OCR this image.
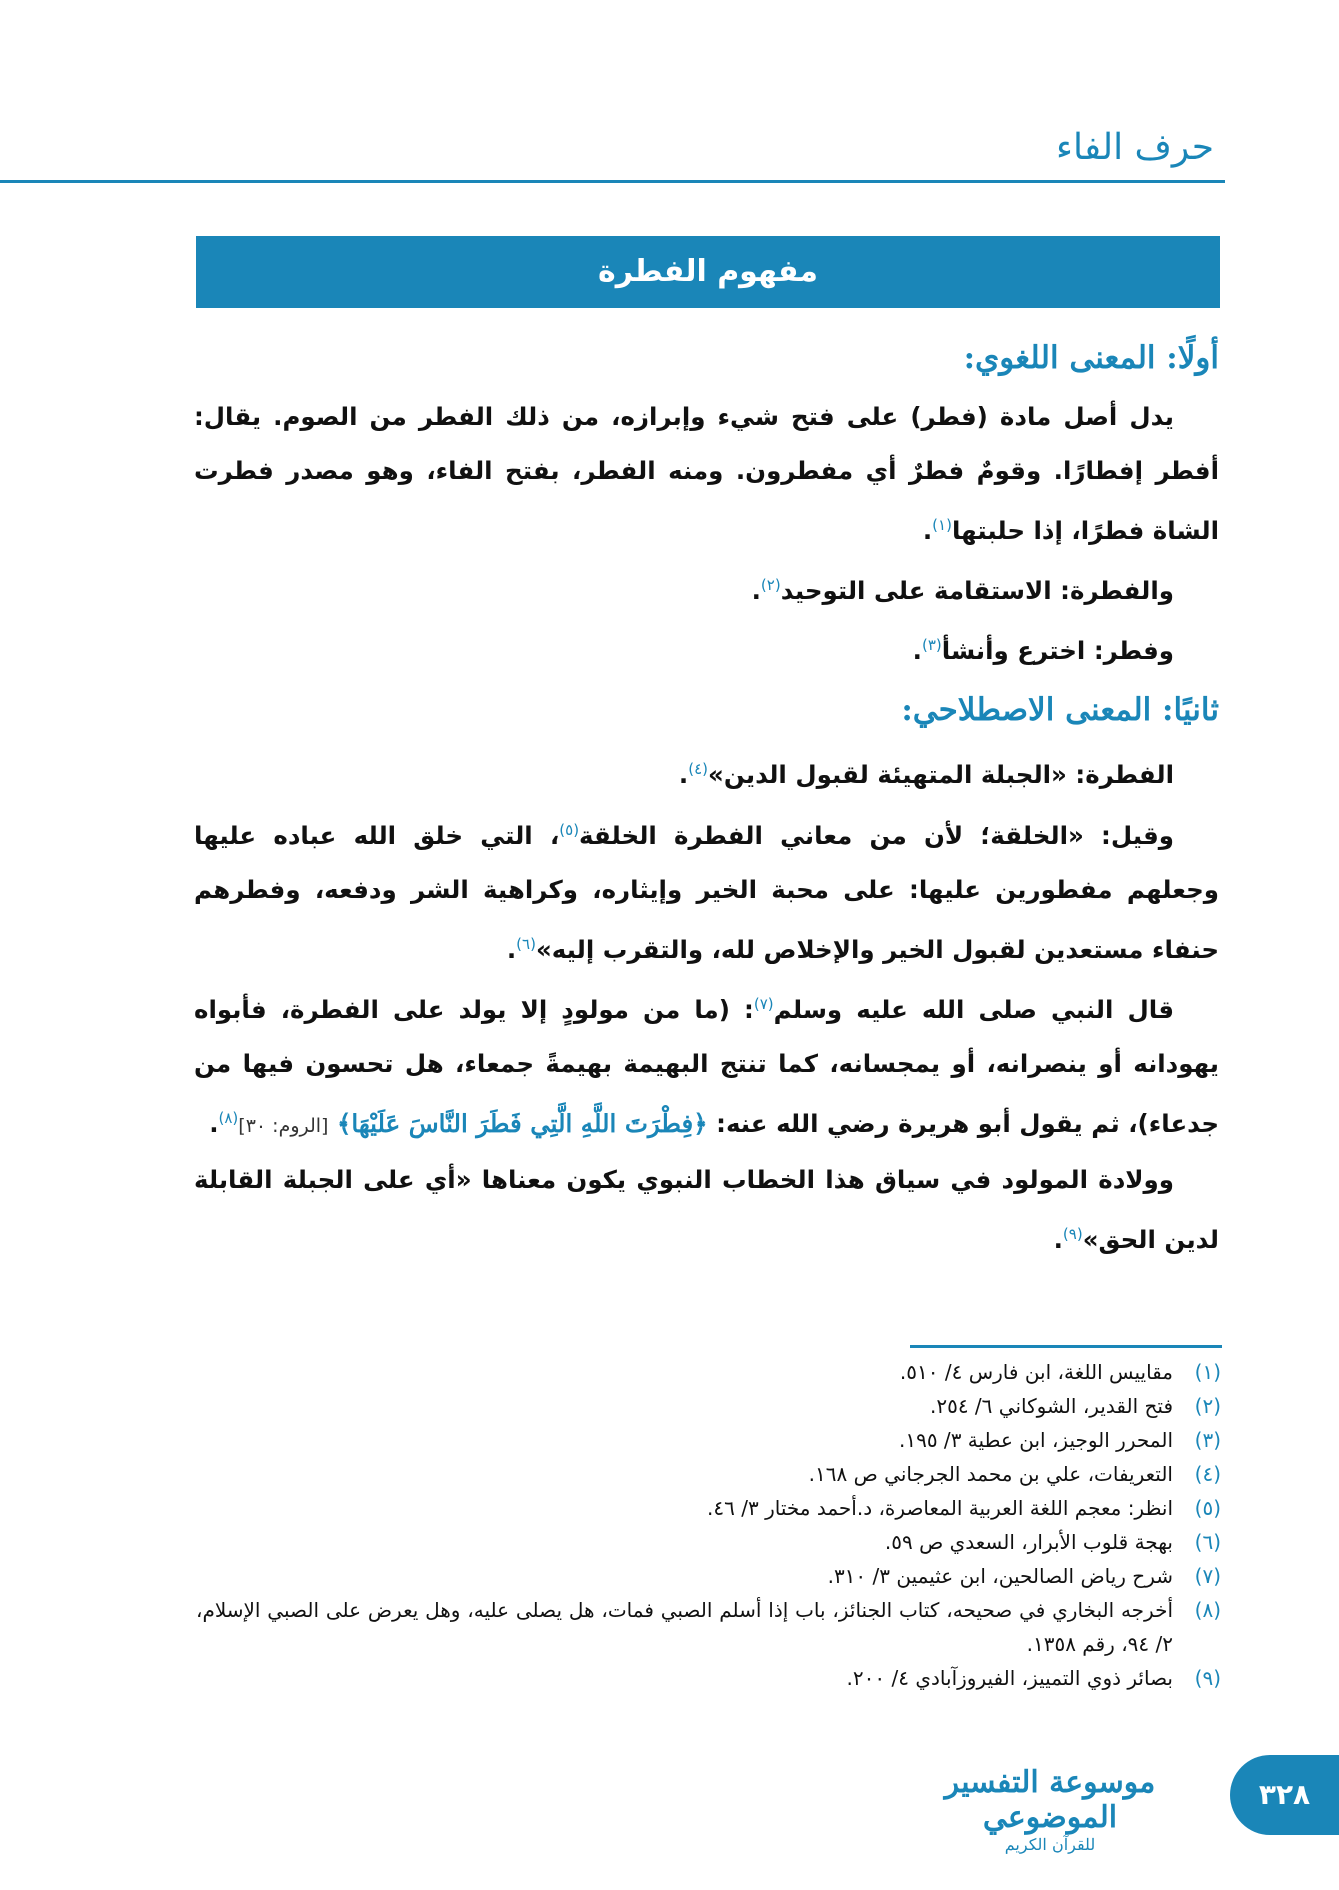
حرف الفاء
مفهوم الفطرة
أولًا: المعنى اللغوي:

يدل أصل مادة (فطر) على فتح شيء وإبرازه، من ذلك الفطر من الصوم. يقال: أفطر إفطارًا. وقومٌ فطرٌ أي مفطرون. ومنه الفطر، بفتح الفاء، وهو مصدر فطرت الشاة فطرًا، إذا حلبتها$^{(١)}$.

والفطرة: الاستقامة على التوحيد$^{(٢)}$.

وفطر: اخترع وأنشأ$^{(٣)}$.

ثانيًا: المعنى الاصطلاحي:

الفطرة: «الجبلة المتهيئة لقبول الدين»$^{(٤)}$.

وقيل: «الخلقة؛ لأن من معاني الفطرة الخلقة$^{(٥)}$، التي خلق الله عباده عليها وجعلهم مفطورين عليها: على محبة الخير وإيثاره، وكراهية الشر ودفعه، وفطرهم حنفاء مستعدين لقبول الخير والإخلاص لله، والتقرب إليه»$^{(٦)}$.

قال النبي صلى الله عليه وسلم$^{(٧)}$: (ما من مولودٍ إلا يولد على الفطرة، فأبواه يهودانه أو ينصرانه، أو يمجسانه، كما تنتج البهيمة بهيمةً جمعاء، هل تحسون فيها من جدعاء)، ثم يقول أبو هريرة رضي الله عنه: ﴿فِطْرَتَ اللَّهِ الَّتِي فَطَرَ النَّاسَ عَلَيْهَا﴾ [الروم: ٣٠]$^{(٨)}$.

وولادة المولود في سياق هذا الخطاب النبوي يكون معناها «أي على الجبلة القابلة لدين الحق»$^{(٩)}$.

(١)
مقاييس اللغة، ابن فارس ٤/ ٥١٠.
(٢)
فتح القدير، الشوكاني ٦/ ٢٥٤.
(٣)
المحرر الوجيز، ابن عطية ٣/ ١٩٥.
(٤)
التعريفات، علي بن محمد الجرجاني ص ١٦٨.
(٥)
انظر: معجم اللغة العربية المعاصرة، د.أحمد مختار ٣/ ٤٦.
(٦)
بهجة قلوب الأبرار، السعدي ص ٥٩.
(٧)
شرح رياض الصالحين، ابن عثيمين ٣/ ٣١٠.
(٨)
أخرجه البخاري في صحيحه، كتاب الجنائز، باب إذا أسلم الصبي فمات، هل يصلى عليه، وهل يعرض على الصبي الإسلام، ٢/ ٩٤، رقم ١٣٥٨.
(٩)
بصائر ذوي التمييز، الفيروزآبادي ٤/ ٢٠٠.
موسوعة التفسير الموضوعي
للقرآن الكريم
٣٢٨
